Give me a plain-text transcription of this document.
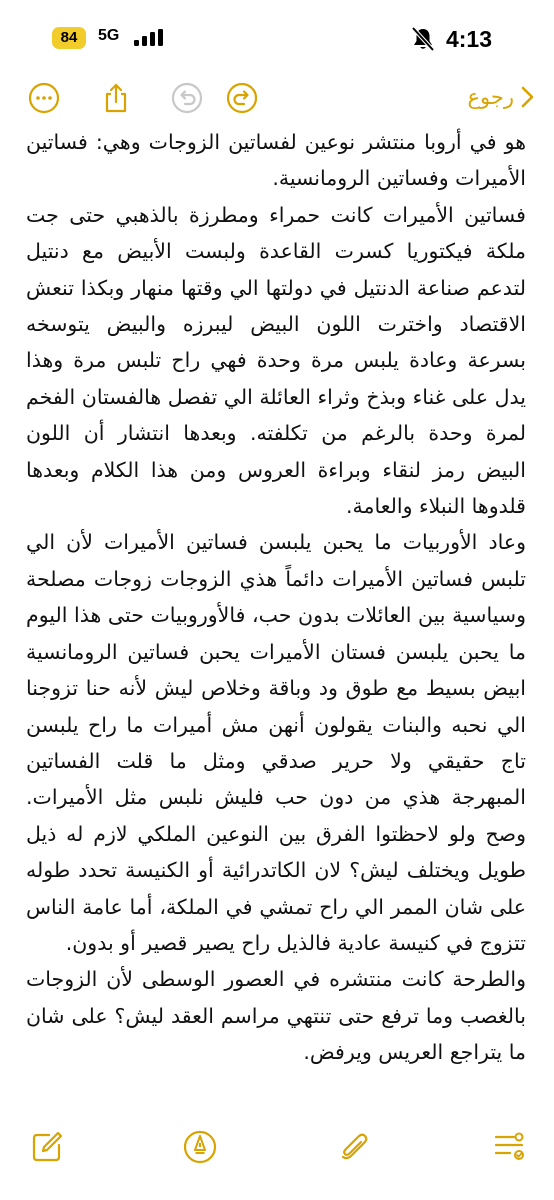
84	5G	4:13
رجوع

هو في أروبا منتشر نوعين لفساتين الزوجات وهي: فساتين الأميرات وفساتين الرومانسية.

فساتين الأميرات كانت حمراء ومطرزة بالذهبي حتى جت ملكة فيكتوريا كسرت القاعدة ولبست الأبيض مع دنتيل لتدعم صناعة الدنتيل في دولتها الي وقتها منهار وبكذا تنعش الاقتصاد واخترت اللون البيض ليبرزه والبيض يتوسخه بسرعة وعادة يلبس مرة وحدة فهي راح تلبس مرة وهذا يدل على غناء وبذخ وثراء العائلة الي تفصل هالفستان الفخم لمرة وحدة بالرغم من تكلفته. وبعدها انتشار أن اللون البيض رمز لنقاء وبراءة العروس ومن هذا الكلام وبعدها قلدوها النبلاء والعامة.

وعاد الأوربيات ما يحبن يلبسن فساتين الأميرات لأن الي تلبس فساتين الأميرات دائماً هذي الزوجات زوجات مصلحة وسياسية بين العائلات بدون حب، فالأوروبيات حتى هذا اليوم ما يحبن يلبسن فستان الأميرات يحبن فساتين الرومانسية ابيض بسيط مع طوق ود وباقة وخلاص ليش لأنه حنا تزوجنا الي نحبه والبنات يقولون أنهن مش أميرات ما راح يلبسن تاج حقيقي ولا حرير صدقي ومثل ما قلت الفساتين المبهرجة هذي من دون حب فليش نلبس مثل الأميرات. وصح ولو لاحظتوا الفرق بين النوعين الملكي لازم له ذيل طويل ويختلف ليش؟ لان الكاتدرائية أو الكنيسة تحدد طوله على شان الممر الي راح تمشي في الملكة، أما عامة الناس تتزوج في كنيسة عادية فالذيل راح يصير قصير أو بدون.

والطرحة كانت منتشره في العصور الوسطى لأن الزوجات بالغصب وما ترفع حتى تنتهي مراسم العقد ليش؟ على شان ما يتراجع العريس ويرفض.
